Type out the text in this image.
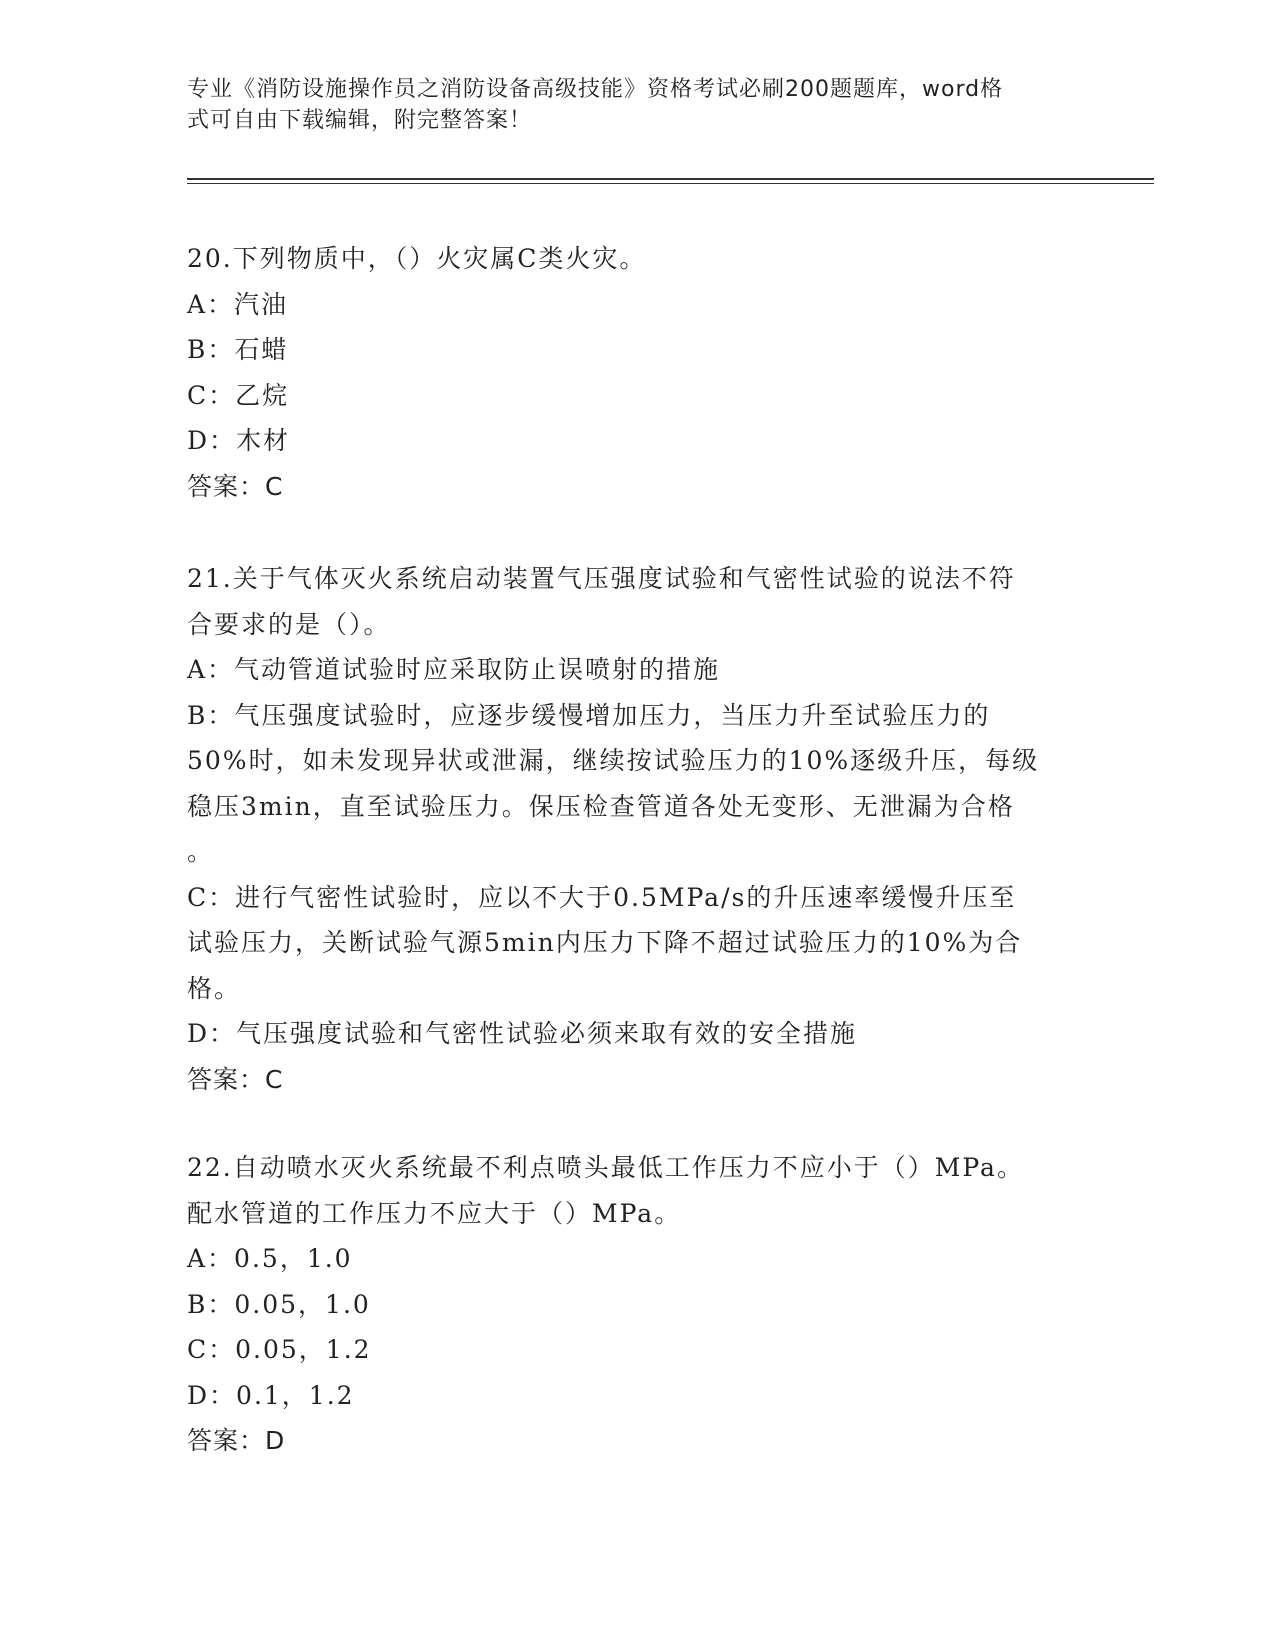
专业《消防设施操作员之消防设备高级技能》资格考试必刷200题题库，word格
式可自由下载编辑，附完整答案！
20.下列物质中，（）火灾属C类火灾。
A：汽油
B：石蜡
C：乙烷
D：木材
答案：C
21.关于气体灭火系统启动装置气压强度试验和气密性试验的说法不符
合要求的是（）。
A：气动管道试验时应采取防止误喷射的措施
B：气压强度试验时，应逐步缓慢增加压力，当压力升至试验压力的
50%时，如未发现异状或泄漏，继续按试验压力的10%逐级升压，每级
稳压3min，直至试验压力。保压检查管道各处无变形、无泄漏为合格
。
C：进行气密性试验时，应以不大于0.5MPa/s的升压速率缓慢升压至
试验压力，关断试验气源5min内压力下降不超过试验压力的10%为合
格。
D：气压强度试验和气密性试验必须来取有效的安全措施
答案：C
22.自动喷水灭火系统最不利点喷头最低工作压力不应小于（）MPa。
配水管道的工作压力不应大于（）MPa。
A：0.5，1.0
B：0.05，1.0
C：0.05，1.2
D：0.1，1.2
答案：D
